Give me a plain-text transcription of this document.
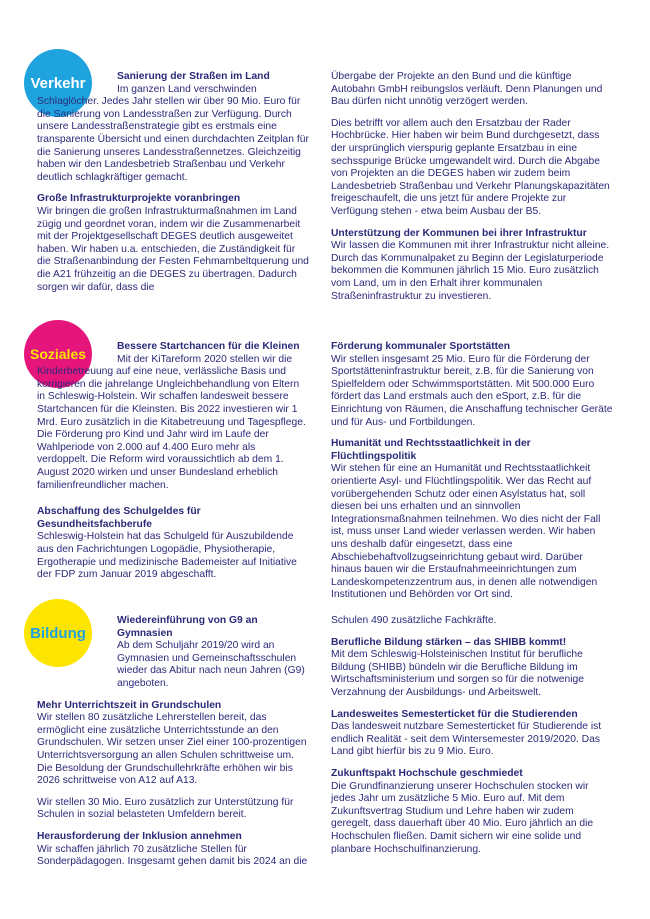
Verkehr	Sanierung der Straßen im Land
Im ganzen Land verschwinden Schlaglöcher. Jedes Jahr stellen wir über 90 Mio. Euro für die Sanierung von Landesstraßen zur Verfügung. Durch unsere Landesstraßenstrategie gibt es erstmals eine transparente Übersicht und einen durchdachten Zeitplan für die Sanierung unseres Landesstraßennetzes. Gleichzeitig haben wir den Landesbetrieb Straßenbau und Verkehr deutlich schlagkräftiger gemacht.
Große Infrastrukturprojekte voranbringen
Wir bringen die großen Infrastrukturmaßnahmen im Land zügig und geordnet voran, indem wir die Zusammenarbeit mit der Projektgesellschaft DEGES deutlich ausgeweitet haben. Wir haben u.a. entschieden, die Zuständigkeit für die Straßenanbindung der Festen Fehmarnbeltquerung und die A21 frühzeitig an die DEGES zu übertragen. Dadurch sorgen wir dafür, dass die
Übergabe der Projekte an den Bund und die künftige Autobahn GmbH reibungslos verläuft. Denn Planungen und Bau dürfen nicht unnötig verzögert werden.
Dies betrifft vor allem auch den Ersatzbau der Rader Hochbrücke. Hier haben wir beim Bund durchgesetzt, dass der ursprünglich vierspurig geplante Ersatzbau in eine sechsspurige Brücke umgewandelt wird. Durch die Abgabe von Projekten an die DEGES haben wir zudem beim Landesbetrieb Straßenbau und Verkehr Planungskapazitäten freigeschaufelt, die uns jetzt für andere Projekte zur Verfügung stehen - etwa beim Ausbau der B5.
Unterstützung der Kommunen bei ihrer Infrastruktur
Wir lassen die Kommunen mit ihrer Infrastruktur nicht alleine. Durch das Kommunalpaket zu Beginn der Legislaturperiode bekommen die Kommunen jährlich 15 Mio. Euro zusätzlich vom Land, um in den Erhalt ihrer kommunalen Straßeninfrastruktur zu investieren.
Soziales	Bessere Startchancen für die Kleinen
Mit der KiTareform 2020 stellen wir die Kinderbetreuung auf eine neue, verlässliche Basis und korrigieren die jahrelange Ungleichbehandlung von Eltern in Schleswig-Holstein. Wir schaffen landesweit bessere Startchancen für die Kleinsten. Bis 2022 investieren wir 1 Mrd. Euro zusätzlich in die Kitabetreuung und Tagespflege. Die Förderung pro Kind und Jahr wird im Laufe der Wahlperiode von 2.000 auf 4.400 Euro mehr als verdoppelt. Die Reform wird voraussichtlich ab dem 1. August 2020 wirken und unser Bundesland erheblich familienfreundlicher machen.
Abschaffung des Schulgeldes für Gesundheitsfachberufe
Schleswig-Holstein hat das Schulgeld für Auszubildende aus den Fachrichtungen Logopädie, Physiotherapie, Ergotherapie und medizinische Bademeister auf Initiative der FDP zum Januar 2019 abgeschafft.
Förderung kommunaler Sportstätten
Wir stellen insgesamt 25 Mio. Euro für die Förderung der Sportstätteninfrastruktur bereit, z.B. für die Sanierung von Spielfeldern oder Schwimmsportstätten. Mit 500.000 Euro fördert das Land erstmals auch den eSport, z.B. für die Einrichtung von Räumen, die Anschaffung technischer Geräte und für Aus- und Fortbildungen.
Humanität und Rechtsstaatlichkeit in der Flüchtlingspolitik
Wir stehen für eine an Humanität und Rechtsstaatlichkeit orientierte Asyl- und Flüchtlingspolitik. Wer das Recht auf vorübergehenden Schutz oder einen Asylstatus hat, soll diesen bei uns erhalten und an sinnvollen Integrationsmaßnahmen teilnehmen. Wo dies nicht der Fall ist, muss unser Land wieder verlassen werden. Wir haben uns deshalb dafür eingesetzt, dass eine Abschiebehaftvollzugseinrichtung gebaut wird. Darüber hinaus bauen wir die Erstaufnahmeeinrichtungen zum Landeskompetenzzentrum aus, in denen alle notwendigen Institutionen und Behörden vor Ort sind.
Bildung
Wiedereinführung von G9 an Gymnasien
Ab dem Schuljahr 2019/20 wird an Gymnasien und Gemeinschaftsschulen wieder das Abitur nach neun Jahren (G9) angeboten.
Mehr Unterrichtszeit in Grundschulen
Wir stellen 80 zusätzliche Lehrerstellen bereit, das ermöglicht eine zusätzliche Unterrichtsstunde an den Grundschulen. Wir setzen unser Ziel einer 100-prozentigen Unterrichtsversorgung an allen Schulen schrittweise um. Die Besoldung der Grundschullehrkräfte erhöhen wir bis 2026 schrittweise von A12 auf A13.
Wir stellen 30 Mio. Euro zusätzlich zur Unterstützung für Schulen in sozial belasteten Umfeldern bereit.
Herausforderung der Inklusion annehmen
Wir schaffen jährlich 70 zusätzliche Stellen für Sonderpädagogen. Insgesamt gehen damit bis 2024 an die
Schulen 490 zusätzliche Fachkräfte.
Berufliche Bildung stärken – das SHIBB kommt!
Mit dem Schleswig-Holsteinischen Institut für berufliche Bildung (SHIBB) bündeln wir die Berufliche Bildung im Wirtschaftsministerium und sorgen so für die notwenige Verzahnung der Ausbildungs- und Arbeitswelt.
Landesweites Semesterticket für die Studierenden
Das landesweit nutzbare Semesterticket für Studierende ist endlich Realität - seit dem Wintersemester 2019/2020. Das Land gibt hierfür bis zu 9 Mio. Euro.
Zukunftspakt Hochschule geschmiedet
Die Grundfinanzierung unserer Hochschulen stocken wir jedes Jahr um zusätzliche 5 Mio. Euro auf. Mit dem Zukunftsvertrag Studium und Lehre haben wir zudem geregelt, dass dauerhaft über 40 Mio. Euro jährlich an die Hochschulen fließen. Damit sichern wir eine solide und planbare Hochschulfinanzierung.
